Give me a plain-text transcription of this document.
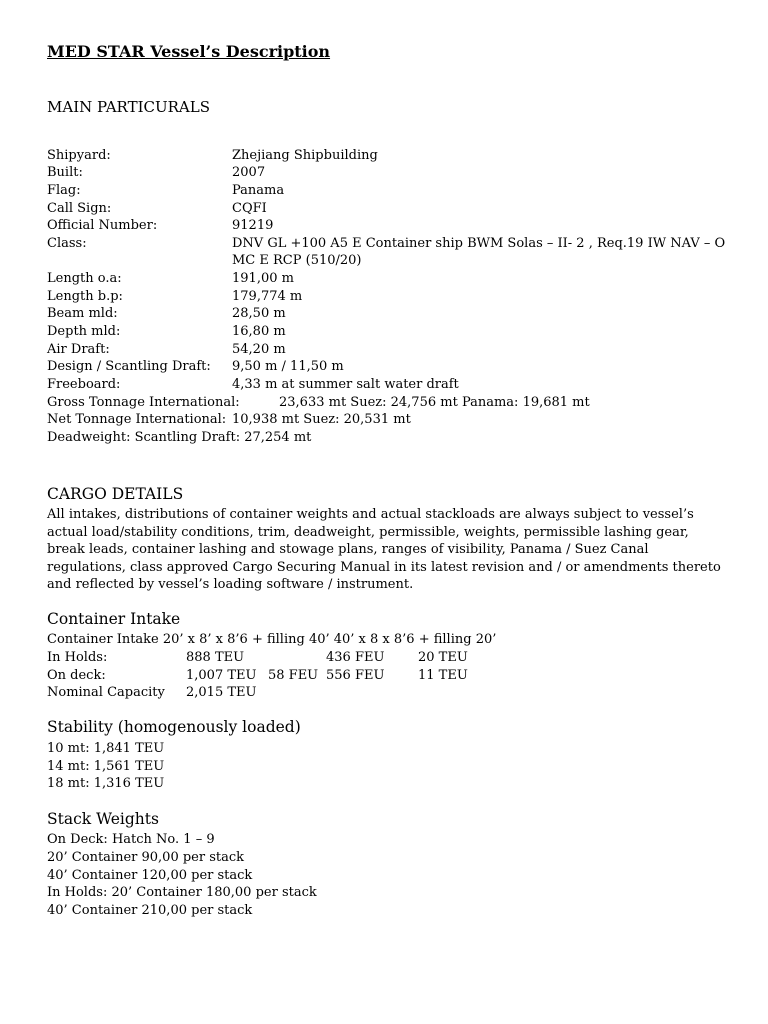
MED STAR Vessel’s Description
MAIN PARTICURALS
Shipyard:	Zhejiang Shipbuilding
Built:	2007
Flag:	Panama
Call Sign:	CQFI
Official Number:	91219
Class:	DNV GL +100 A5 E Container ship BWM Solas – II- 2 , Req.19 IW NAV – O
MC E RCP (510/20)
Length o.a:	191,00 m
Length b.p:	179,774 m
Beam mld:	28,50 m
Depth mld:	16,80 m
Air Draft:	54,20 m
Design / Scantling Draft: 9,50 m / 11,50 m
Freeboard:	4,33 m at summer salt water draft
Gross Tonnage International:	23,633 mt Suez: 24,756 mt Panama: 19,681 mt
Net Tonnage International: 10,938 mt Suez: 20,531 mt
Deadweight: Scantling Draft: 27,254 mt
CARGO DETAILS
All intakes, distributions of container weights and actual stackloads are always subject to vessel’s
actual load/stability conditions, trim, deadweight, permissible, weights, permissible lashing gear,
break leads, container lashing and stowage plans, ranges of visibility, Panama / Suez Canal
regulations, class approved Cargo Securing Manual in its latest revision and / or amendments thereto
and reflected by vessel’s loading software / instrument.
Container Intake
Container Intake 20’ x 8’ x 8’6 + filling 40’ 40’ x 8 x 8’6 + filling 20’
In Holds:	888 TEU	436 FEU	20 TEU
On deck:	1,007 TEU 58 FEU 556 FEU	11 TEU
Nominal Capacity 2,015 TEU
Stability (homogenously loaded)
10 mt: 1,841 TEU
14 mt: 1,561 TEU
18 mt: 1,316 TEU
Stack Weights
On Deck: Hatch No. 1 – 9
20’ Container 90,00 per stack
40’ Container 120,00 per stack
In Holds: 20’ Container 180,00 per stack
40’ Container 210,00 per stack
